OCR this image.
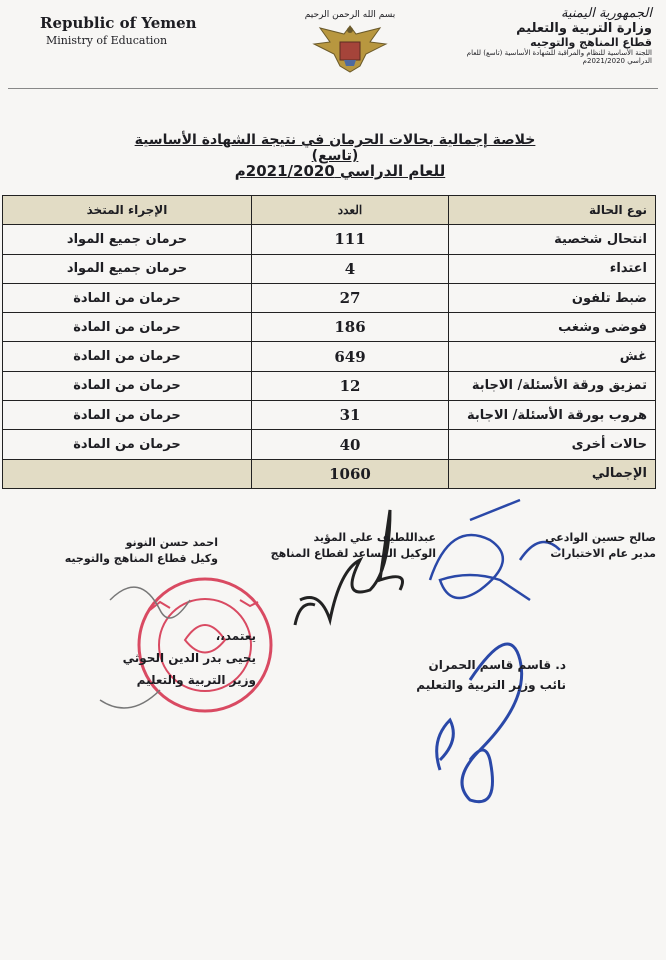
Republic of Yemen
Ministry of Education
بسم الله الرحمن الرحيم	الجمهورية اليمنية
وزارة التربية والتعليم
قطاع المناهج والتوجيه
اللجنة الأساسية للنظام والمراقبة للشهادة الأساسية (تاسع) للعام
الدراسي 2021/2020م
خلاصة إجمالية بحالات الحرمان في نتيجة الشهادة الأساسية (تاسع)
للعام الدراسي 2021/2020م
نوع الحالة	العدد	الإجراء المتخذ
انتحال شخصية	111	حرمان جميع المواد
اعتداء	4	حرمان جميع المواد
ضبط تلفون	27	حرمان من المادة
فوضى وشغب	186	حرمان من المادة
غش	649	حرمان من المادة
تمزيق ورقة الأسئلة/ الاجابة	12	حرمان من المادة
هروب بورقة الأسئلة/ الاجابة	31	حرمان من المادة
حالات أخرى	40	حرمان من المادة
الإجمالي	1060	
صالح حسين الوادعي
مدير عام الاختبارات
عبداللطيف علي المؤيد
الوكيل المساعد لقطاع المناهج
احمد حسن النونو
وكيل قطاع المناهج والتوجيه
يعتمد،،
يحيى بدر الدين الحوثي
وزير التربية والتعليم
د. قاسم قاسم الحمران
نائب وزير التربية والتعليم
